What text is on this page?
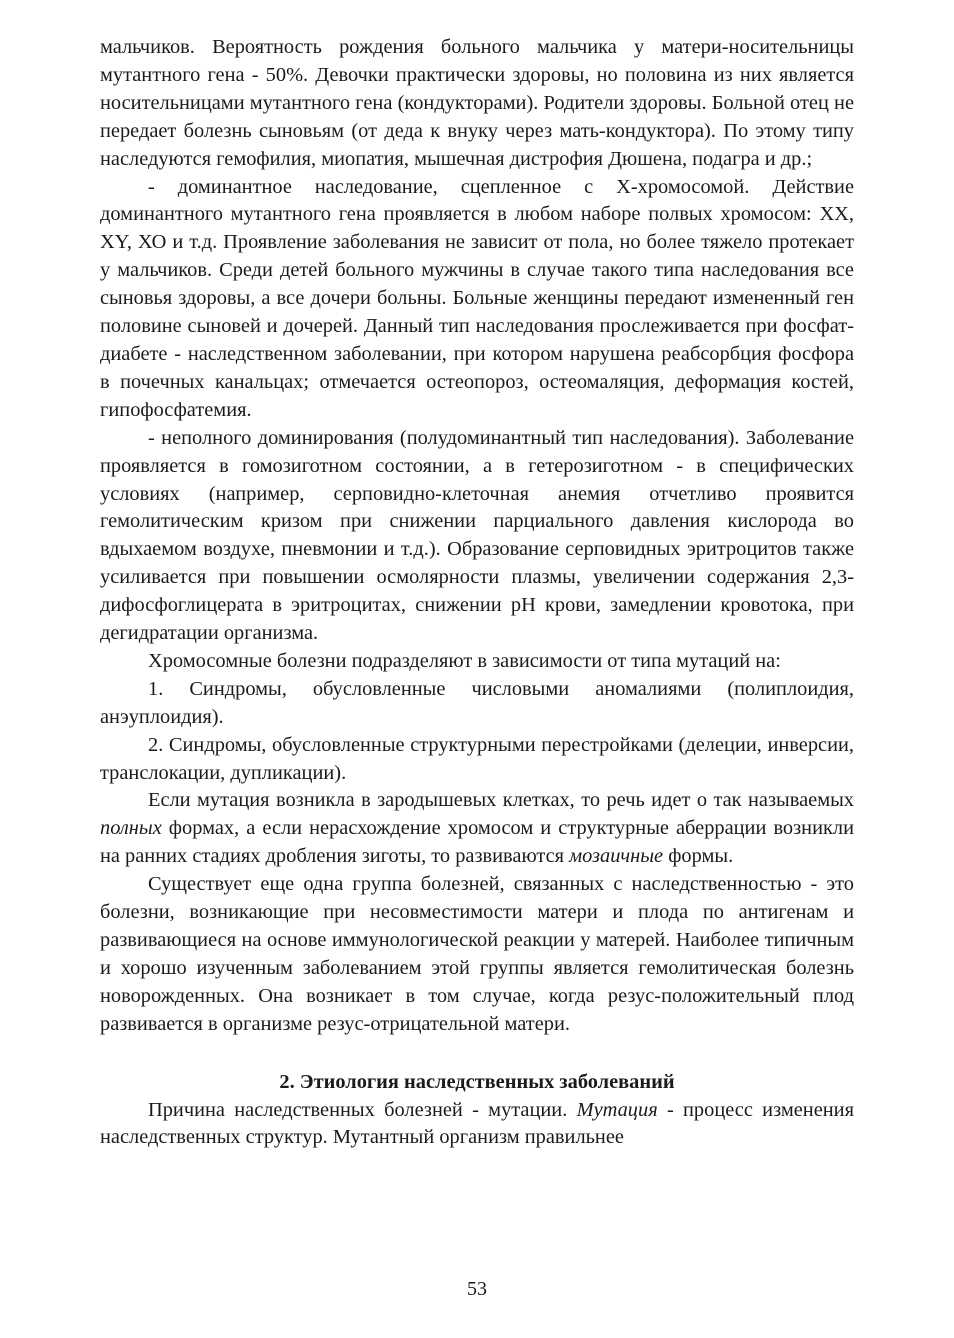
мальчиков. Вероятность рождения больного мальчика у матери-носительницы мутантного гена - 50%. Девочки практически здоровы, но половина из них является носительницами мутантного гена (кондукторами). Родители здоровы. Больной отец не передает болезнь сыновьям (от деда к внуку через мать-кондуктора). По этому типу наследуются гемофилия, миопатия, мышечная дистрофия Дюшена, подагра и др.;

- доминантное наследование, сцепленное с Х-хромосомой. Действие доминантного мутантного гена проявляется в любом наборе полвых хромосом: ХХ, ХY, ХО и т.д. Проявление заболевания не зависит от пола, но более тяжело протекает у мальчиков. Среди детей больного мужчины в случае такого типа наследования все сыновья здоровы, а все дочери больны. Больные женщины передают измененный ген половине сыновей и дочерей. Данный тип наследования прослеживается при фосфат-диабете - наследственном заболевании, при котором нарушена реабсорбция фосфора в почечных канальцах; отмечается остеопороз, остеомаляция, деформация костей, гипофосфатемия.

- неполного доминирования (полудоминантный тип наследования). Заболевание проявляется в гомозиготном состоянии, а в гетерозиготном - в специфических условиях (например, серповидно-клеточная анемия отчетливо проявится гемолитическим кризом при снижении парциального давления кислорода во вдыхаемом воздухе, пневмонии и т.д.). Образование серповидных эритроцитов также усиливается при повышении осмолярности плазмы, увеличении содержания 2,3-дифосфоглицерата в эритроцитах, снижении pH крови, замедлении кровотока, при дегидратации организма.

Хромосомные болезни подразделяют в зависимости от типа мутаций на:

1. Синдромы, обусловленные числовыми аномалиями (полиплоидия, анэуплоидия).

2. Синдромы, обусловленные структурными перестройками (делеции, инверсии, транслокации, дупликации).

Если мутация возникла в зародышевых клетках, то речь идет о так называемых полных формах, а если нерасхождение хромосом и структурные аберрации возникли на ранних стадиях дробления зиготы, то развиваются мозаичные формы.

Существует еще одна группа болезней, связанных с наследственностью - это болезни, возникающие при несовместимости матери и плода по антигенам и развивающиеся на основе иммунологической реакции у матерей. Наиболее типичным и хорошо изученным заболеванием этой группы является гемолитическая болезнь новорожденных. Она возникает в том случае, когда резус-положительный плод развивается в организме резус-отрицательной матери.

2. Этиология наследственных заболеваний

Причина наследственных болезней - мутации. Мутация - процесс изменения наследственных структур. Мутантный организм правильнее

53
